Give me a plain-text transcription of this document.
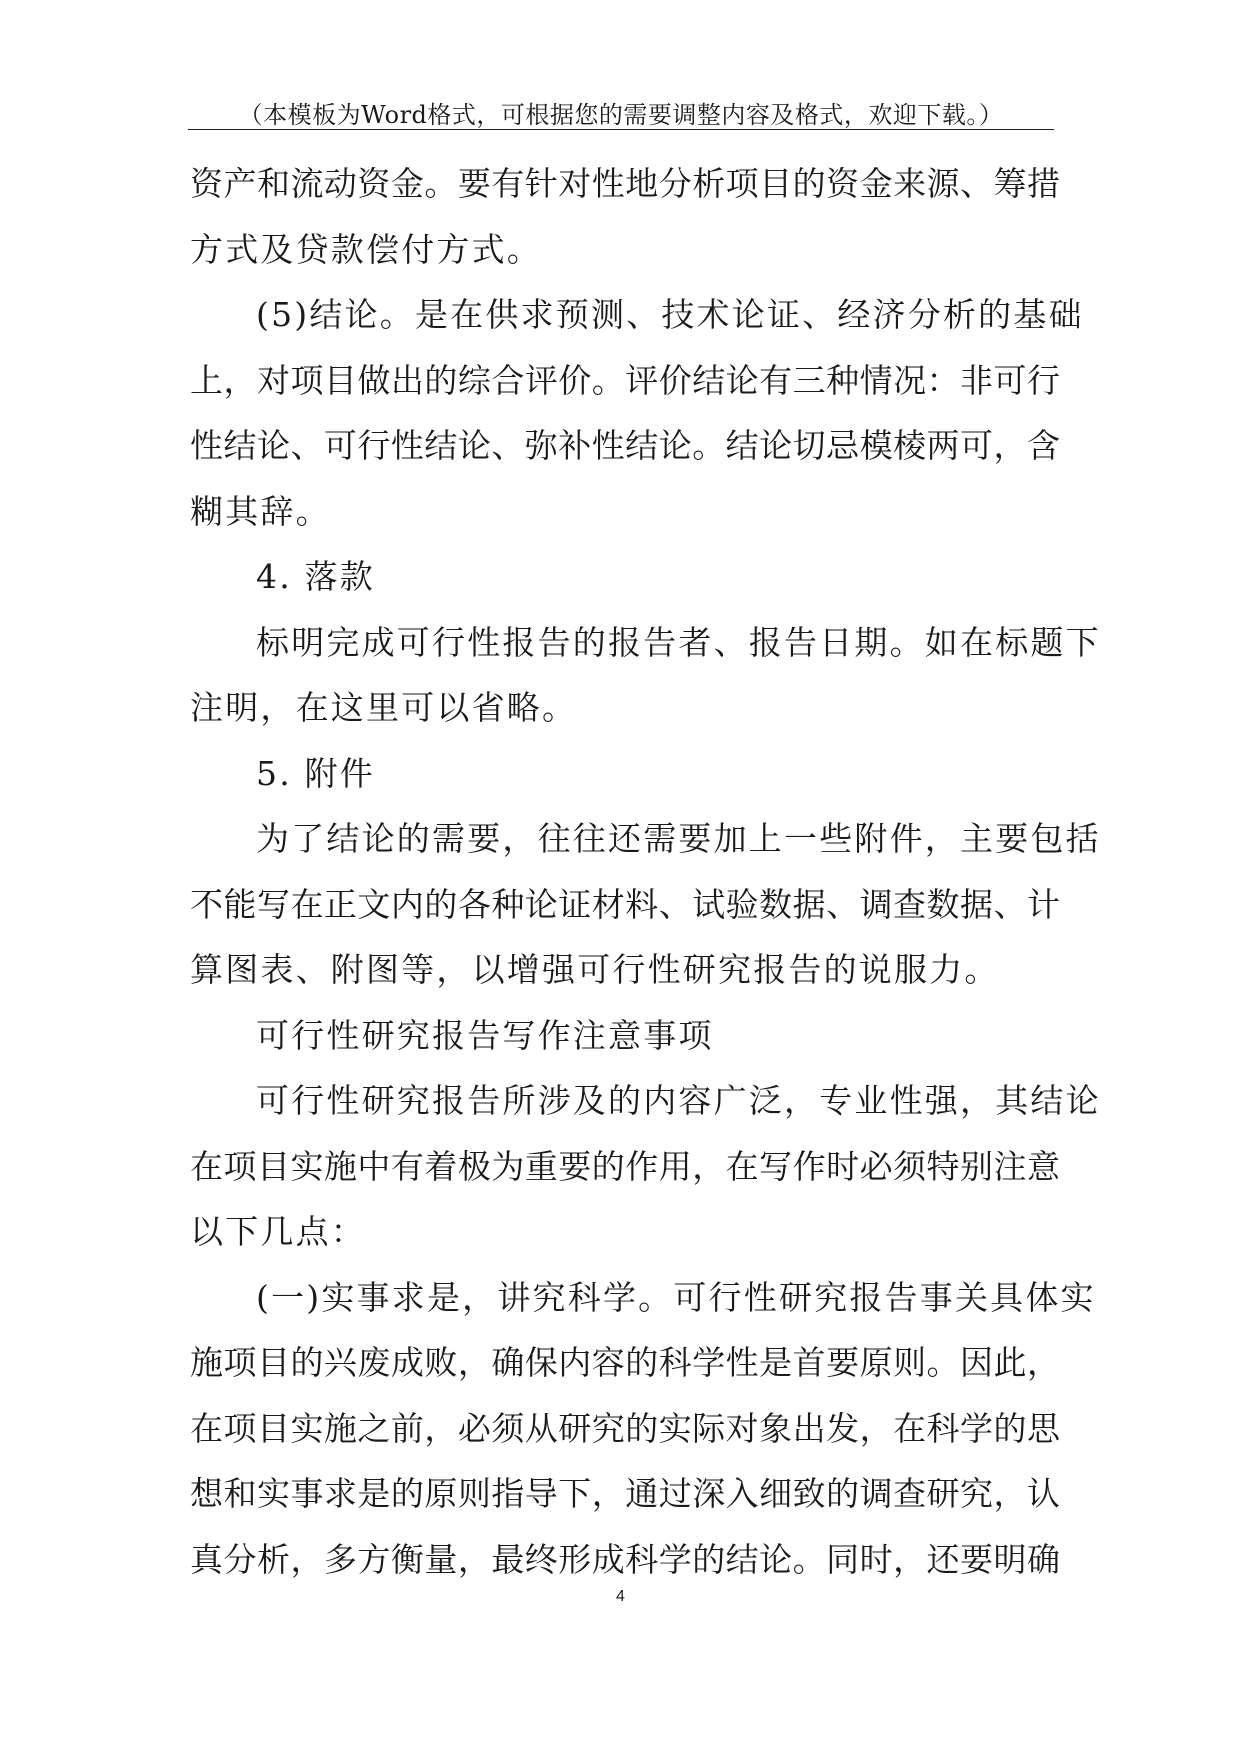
（本模板为Word格式，可根据您的需要调整内容及格式，欢迎下载。）
资产和流动资金。要有针对性地分析项目的资金来源、筹措
方式及贷款偿付方式。
(5)结论。是在供求预测、技术论证、经济分析的基础
上，对项目做出的综合评价。评价结论有三种情况：非可行
性结论、可行性结论、弥补性结论。结论切忌模棱两可，含
糊其辞。
4. 落款
标明完成可行性报告的报告者、报告日期。如在标题下
注明，在这里可以省略。
5. 附件
为了结论的需要，往往还需要加上一些附件，主要包括
不能写在正文内的各种论证材料、试验数据、调查数据、计
算图表、附图等，以增强可行性研究报告的说服力。
可行性研究报告写作注意事项
可行性研究报告所涉及的内容广泛，专业性强，其结论
在项目实施中有着极为重要的作用，在写作时必须特别注意
以下几点：
(一)实事求是，讲究科学。可行性研究报告事关具体实
施项目的兴废成败，确保内容的科学性是首要原则。因此，
在项目实施之前，必须从研究的实际对象出发，在科学的思
想和实事求是的原则指导下，通过深入细致的调查研究，认
真分析，多方衡量，最终形成科学的结论。同时，还要明确
4
